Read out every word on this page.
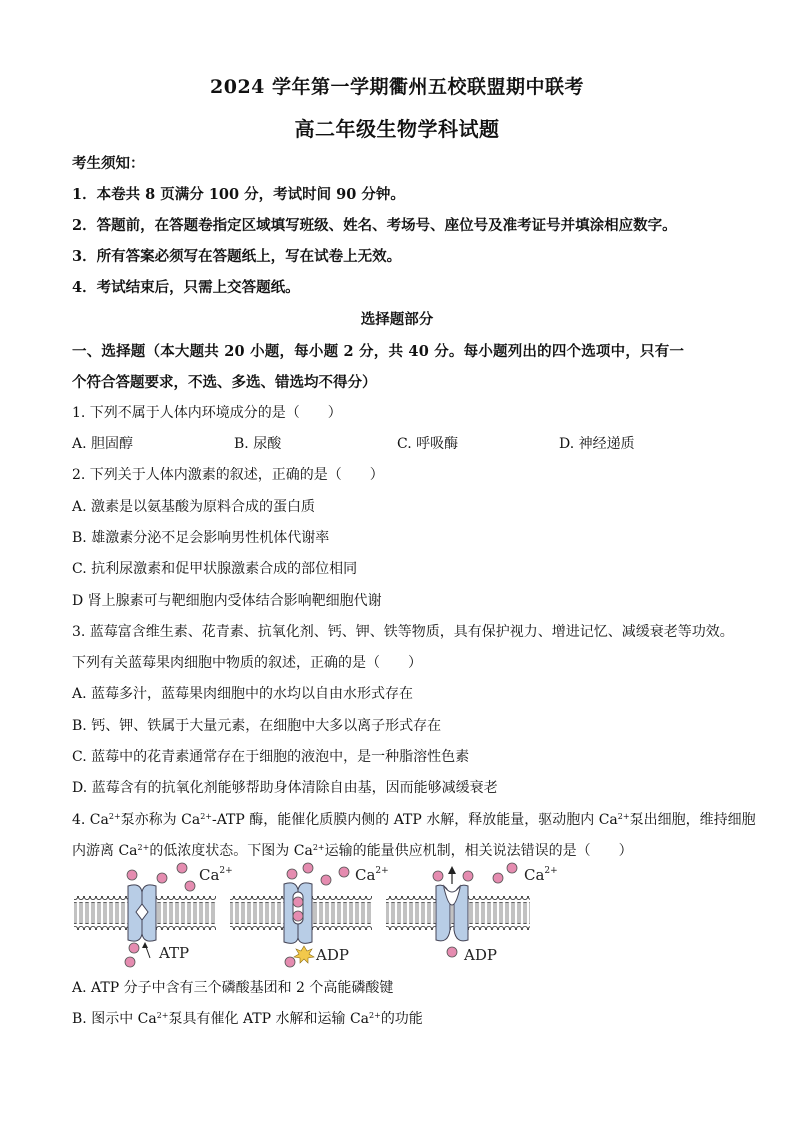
2024 学年第一学期衢州五校联盟期中联考
高二年级生物学科试题
考生须知：
1．本卷共 8 页满分 100 分，考试时间 90 分钟。
2．答题前，在答题卷指定区域填写班级、姓名、考场号、座位号及准考证号并填涂相应数字。
3．所有答案必须写在答题纸上，写在试卷上无效。
4．考试结束后，只需上交答题纸。
选择题部分
一、选择题（本大题共 20 小题，每小题 2 分，共 40 分。每小题列出的四个选项中，只有一
个符合答题要求，不选、多选、错选均不得分）
1. 下列不属于人体内环境成分的是（　　）
A. 胆固醇	B. 尿酸	C. 呼吸酶	D. 神经递质
2. 下列关于人体内激素的叙述，正确的是（　　）
A. 激素是以氨基酸为原料合成的蛋白质
B. 雄激素分泌不足会影响男性机体代谢率
C. 抗利尿激素和促甲状腺激素合成的部位相同
D 肾上腺素可与靶细胞内受体结合影响靶细胞代谢
3. 蓝莓富含维生素、花青素、抗氧化剂、钙、钾、铁等物质，具有保护视力、增进记忆、减缓衰老等功效。
下列有关蓝莓果肉细胞中物质的叙述，正确的是（　　）
A. 蓝莓多汁，蓝莓果肉细胞中的水均以自由水形式存在
B. 钙、钾、铁属于大量元素，在细胞中大多以离子形式存在
C. 蓝莓中的花青素通常存在于细胞的液泡中，是一种脂溶性色素
D. 蓝莓含有的抗氧化剂能够帮助身体清除自由基，因而能够减缓衰老
4. $Ca^{2+}$泵亦称为 $Ca^{2+}$-ATP 酶，能催化质膜内侧的 ATP 水解，释放能量，驱动胞内 $Ca^{2+}$泵出细胞，维持细胞
内游离 $Ca^{2+}$的低浓度状态。下图为 $Ca^{2+}$运输的能量供应机制，相关说法错误的是（　　）
ATP
$Ca^{2+}$
ADP
$Ca^{2+}$
ADP
$Ca^{2+}$
A. ATP 分子中含有三个磷酸基团和 2 个高能磷酸键
B. 图示中 $Ca^{2+}$泵具有催化 ATP 水解和运输 $Ca^{2+}$的功能
